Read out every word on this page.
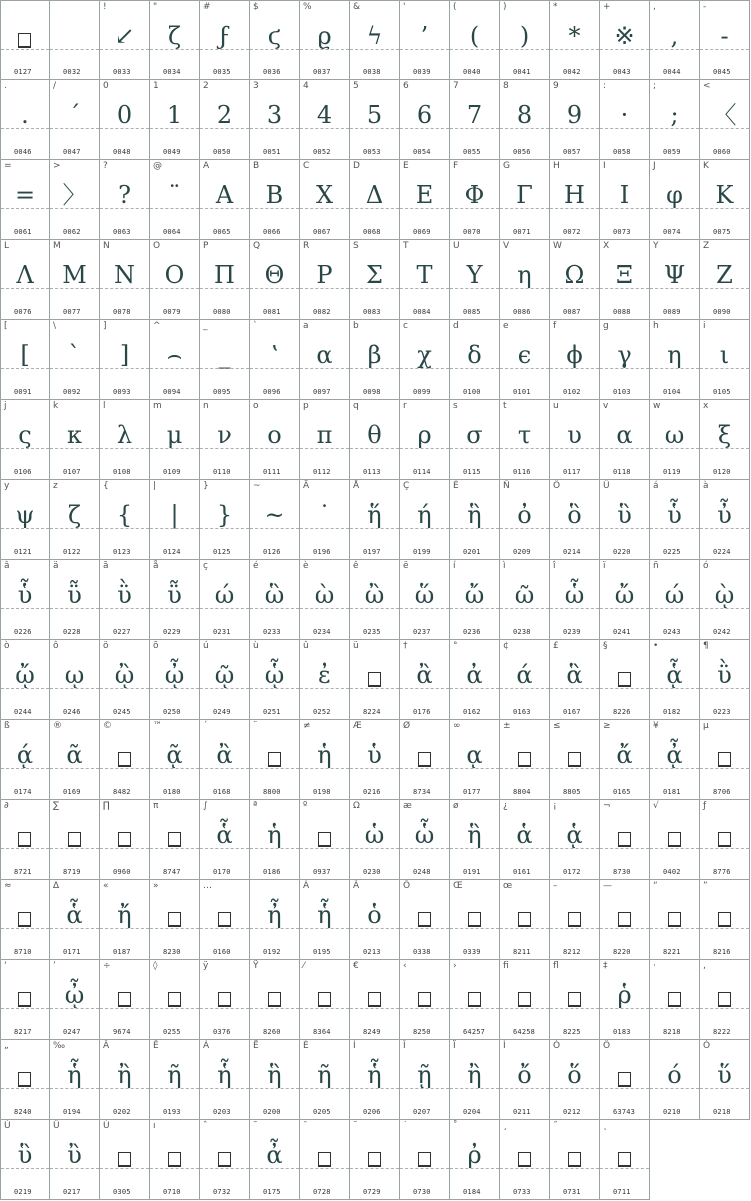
0127	0032
!
↙
0033
"
ζ
0034
#
ϝ
0035
$
ϛ
0036
%
ϱ
0037
&
ϟ
0038
'
’
0039
(
(
0040
)
)
0041
*
*
0042
+
※
0043
,
,
0044
-
-
0045
.
.
0046
/
ˊ
0047
0
0
0048
1
1
0049
2
2
0050
3
3
0051
4
4
0052
5
5
0053
6
6
0054
7
7
0055
8
8
0056
9
9
0057
:
·
0058
;
;
0059
<
〈
0060
=
=
0061
>
〉
0062
?
?
0063
@
¨
0064
A
A
0065
B
B
0066
C
X
0067
D
Δ
0068
E
E
0069
F
Φ
0070
G
Γ
0071
H
H
0072
I
I
0073
J
φ
0074
K
K
0075
L
Λ
0076
M
M
0077
N
N
0078
O
O
0079
P
Π
0080
Q
Θ
0081
R
P
0082
S
Σ
0083
T
T
0084
U
Υ
0085
V
η
0086
W
Ω
0087
X
Ξ
0088
Y
Ψ
0089
Z
Z
0090
[
[
0091
\
`
0092
]
]
0093
^
⌢
0094
_
_
0095
`
ʽ
0096
a
α
0097
b
β
0098
c
χ
0099
d
δ
0100
e
ϵ
0101
f
ϕ
0102
g
γ
0103
h
η
0104
i
ι
0105
j
ς
0106
k
κ
0107
l
λ
0108
m
μ
0109
n
ν
0110
o
ο
0111
p
π
0112
q
θ
0113
r
ρ
0114
s
σ
0115
t
τ
0116
u
υ
0117
v
α
0118
w
ω
0119
x
ξ
0120
y
ψ
0121
z
ζ
0122
{
{
0123
|
|
0124
}
}
0125
~
~
0126
Ä
˙
0196
Å
ἥ
0197
Ç
ή
0199
É
ἣ
0201
Ñ
ὀ
0209
Ö
ὃ
0214
Ü
ὓ
0220
á
ὗ
0225
à
ὖ
0224
â
ὗ
0226
ä
ῧ
0228
ã
ῢ
0227
å
ῧ
0229
ç
ώ
0231
é
ὣ
0233
è
ὼ
0234
ê
ὢ
0235
ë
ὥ
0237
í
ὤ
0236
ì
ῶ
0238
î
ὧ
0239
ï
ὤ
0241
ñ
ώ
0243
ó
ῲ
0242
ò
ᾤ
0244
ô
ῳ
0246
ö
ᾢ
0245
õ
ᾦ
0250
ú
ῷ
0249
ù
ᾧ
0251
û
ἐ
0252
ü
8224
†
ἂ
0176
°
ἀ
0162
¢
ά
0163
£
ἃ
0167
§
8226
•
ᾇ
0182
¶
ῢ
0223
ß
ᾴ
0174
®
ᾶ
0169
©
8482
™
ᾷ
0180
´
ἂ
0168
¨
8800
≠
ἡ
0198
Æ
ὑ
0216
Ø
8734
∞
ᾳ
0177
±
8804
≤
8805
≥
ἄ
0165
¥
ᾆ
0181
µ
8706
∂
8721
∑
8719
∏
0960
π
8747
∫
ἇ
0170
ª
ἡ
0186
º
0937
Ω
ὡ
0230
æ
ὧ
0248
ø
ἣ
0191
¿
ἁ
0161
¡
ᾁ
0172
¬
8730
√
0402
ƒ
8776
≈
8710
∆
ἇ
0171
«
ἤ
0187
»
8230
…
0160
ἦ
0192
À
ἧ
0195
Ã
ὁ
0213
Õ
0338
Œ
0339
œ
8211
–
8212
—
8220
“
8221
”
8216
‘
8217
’
ᾦ
0247
÷
9674
◊
0255
ÿ
0376
Ÿ
8260
⁄
8364
€
8249
‹
8250
›
64257
fi
64258
fl
8225
‡
ῥ
0183
·
8218
‚
8222
„
8240
‰
ἧ
0194
Â
ἢ
0202
Ê
ῆ
0193
Á
ἧ
0203
Ë
ἣ
0200
È
ῆ
0205
Í
ἧ
0206
Î
ῇ
0207
Ï
ἢ
0204
Ì
ὄ
0211
Ó
ὅ
0212
Ô
63743
ό
0210
Ò
ὕ
0218
Ú
ὓ
0219
Û
ὒ
0217
Ù
0305
ı
0710
ˆ
0732
˜
ἆ
0175
¯
0728
˘
0729
˙
0730
˚
ῤ
0184
¸
0733
˝
0731
˛
0711
